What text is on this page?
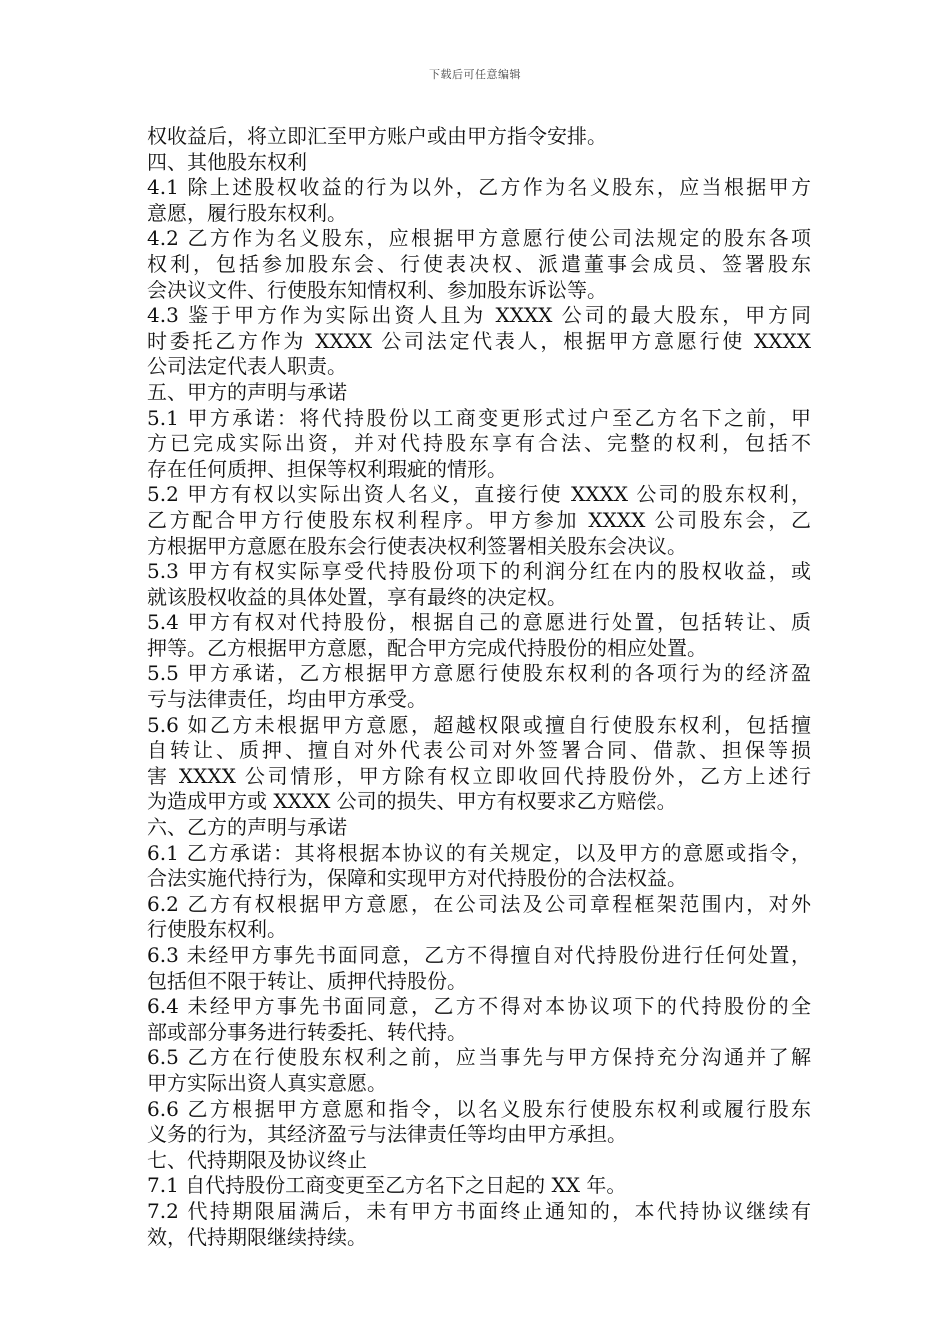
下载后可任意编辑
权收益后，将立即汇至甲方账户或由甲方指令安排。
四、其他股东权利
4.1 除上述股权收益的行为以外，乙方作为名义股东，应当根据甲方
意愿，履行股东权利。
4.2 乙方作为名义股东，应根据甲方意愿行使公司法规定的股东各项
权利，包括参加股东会、行使表决权、派遣董事会成员、签署股东
会决议文件、行使股东知情权利、参加股东诉讼等。
4.3 鉴于甲方作为实际出资人且为 XXXX 公司的最大股东，甲方同
时委托乙方作为 XXXX 公司法定代表人，根据甲方意愿行使 XXXX
公司法定代表人职责。
五、甲方的声明与承诺
5.1 甲方承诺：将代持股份以工商变更形式过户至乙方名下之前，甲
方已完成实际出资，并对代持股东享有合法、完整的权利，包括不
存在任何质押、担保等权利瑕疵的情形。
5.2 甲方有权以实际出资人名义，直接行使 XXXX 公司的股东权利，
乙方配合甲方行使股东权利程序。甲方参加 XXXX 公司股东会，乙
方根据甲方意愿在股东会行使表决权利签署相关股东会决议。
5.3 甲方有权实际享受代持股份项下的利润分红在内的股权收益，或
就该股权收益的具体处置，享有最终的决定权。
5.4 甲方有权对代持股份，根据自己的意愿进行处置，包括转让、质
押等。乙方根据甲方意愿，配合甲方完成代持股份的相应处置。
5.5 甲方承诺，乙方根据甲方意愿行使股东权利的各项行为的经济盈
亏与法律责任，均由甲方承受。
5.6 如乙方未根据甲方意愿，超越权限或擅自行使股东权利，包括擅
自转让、质押、擅自对外代表公司对外签署合同、借款、担保等损
害 XXXX 公司情形，甲方除有权立即收回代持股份外，乙方上述行
为造成甲方或 XXXX 公司的损失、甲方有权要求乙方赔偿。
六、乙方的声明与承诺
6.1 乙方承诺：其将根据本协议的有关规定，以及甲方的意愿或指令，
合法实施代持行为，保障和实现甲方对代持股份的合法权益。
6.2 乙方有权根据甲方意愿，在公司法及公司章程框架范围内，对外
行使股东权利。
6.3 未经甲方事先书面同意，乙方不得擅自对代持股份进行任何处置，
包括但不限于转让、质押代持股份。
6.4 未经甲方事先书面同意，乙方不得对本协议项下的代持股份的全
部或部分事务进行转委托、转代持。
6.5 乙方在行使股东权利之前，应当事先与甲方保持充分沟通并了解
甲方实际出资人真实意愿。
6.6 乙方根据甲方意愿和指令，以名义股东行使股东权利或履行股东
义务的行为，其经济盈亏与法律责任等均由甲方承担。
七、代持期限及协议终止
7.1 自代持股份工商变更至乙方名下之日起的 XX 年。
7.2 代持期限届满后，未有甲方书面终止通知的，本代持协议继续有
效，代持期限继续持续。
